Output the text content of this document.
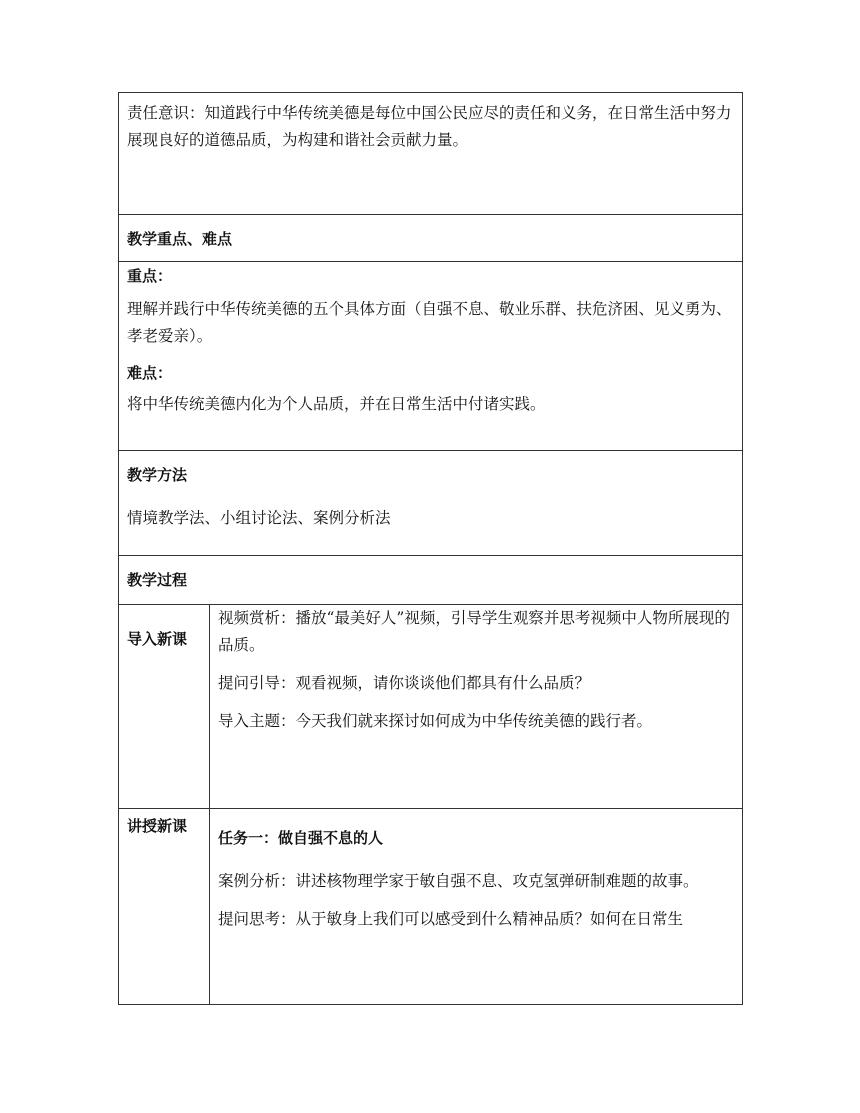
责任意识：知道践行中华传统美德是每位中国公民应尽的责任和义务，在日常生活中努力展现良好的道德品质，为构建和谐社会贡献力量。	

教学重点、难点	

重点：
理解并践行中华传统美德的五个具体方面（自强不息、敬业乐群、扶危济困、见义勇为、孝老爱亲）。
难点：
将中华传统美德内化为个人品质，并在日常生活中付诸实践。	

教学方法
情境教学法、小组讨论法、案例分析法	

教学过程	

导入新课	视频赏析：播放“最美好人”视频，引导学生观察并思考视频中人物所展现的品质。
提问引导：观看视频，请你谈谈他们都具有什么品质？
导入主题：今天我们就来探讨如何成为中华传统美德的践行者。

讲授新课	任务一：做自强不息的人
案例分析：讲述核物理学家于敏自强不息、攻克氢弹研制难题的故事。
提问思考：从于敏身上我们可以感受到什么精神品质？如何在日常生
